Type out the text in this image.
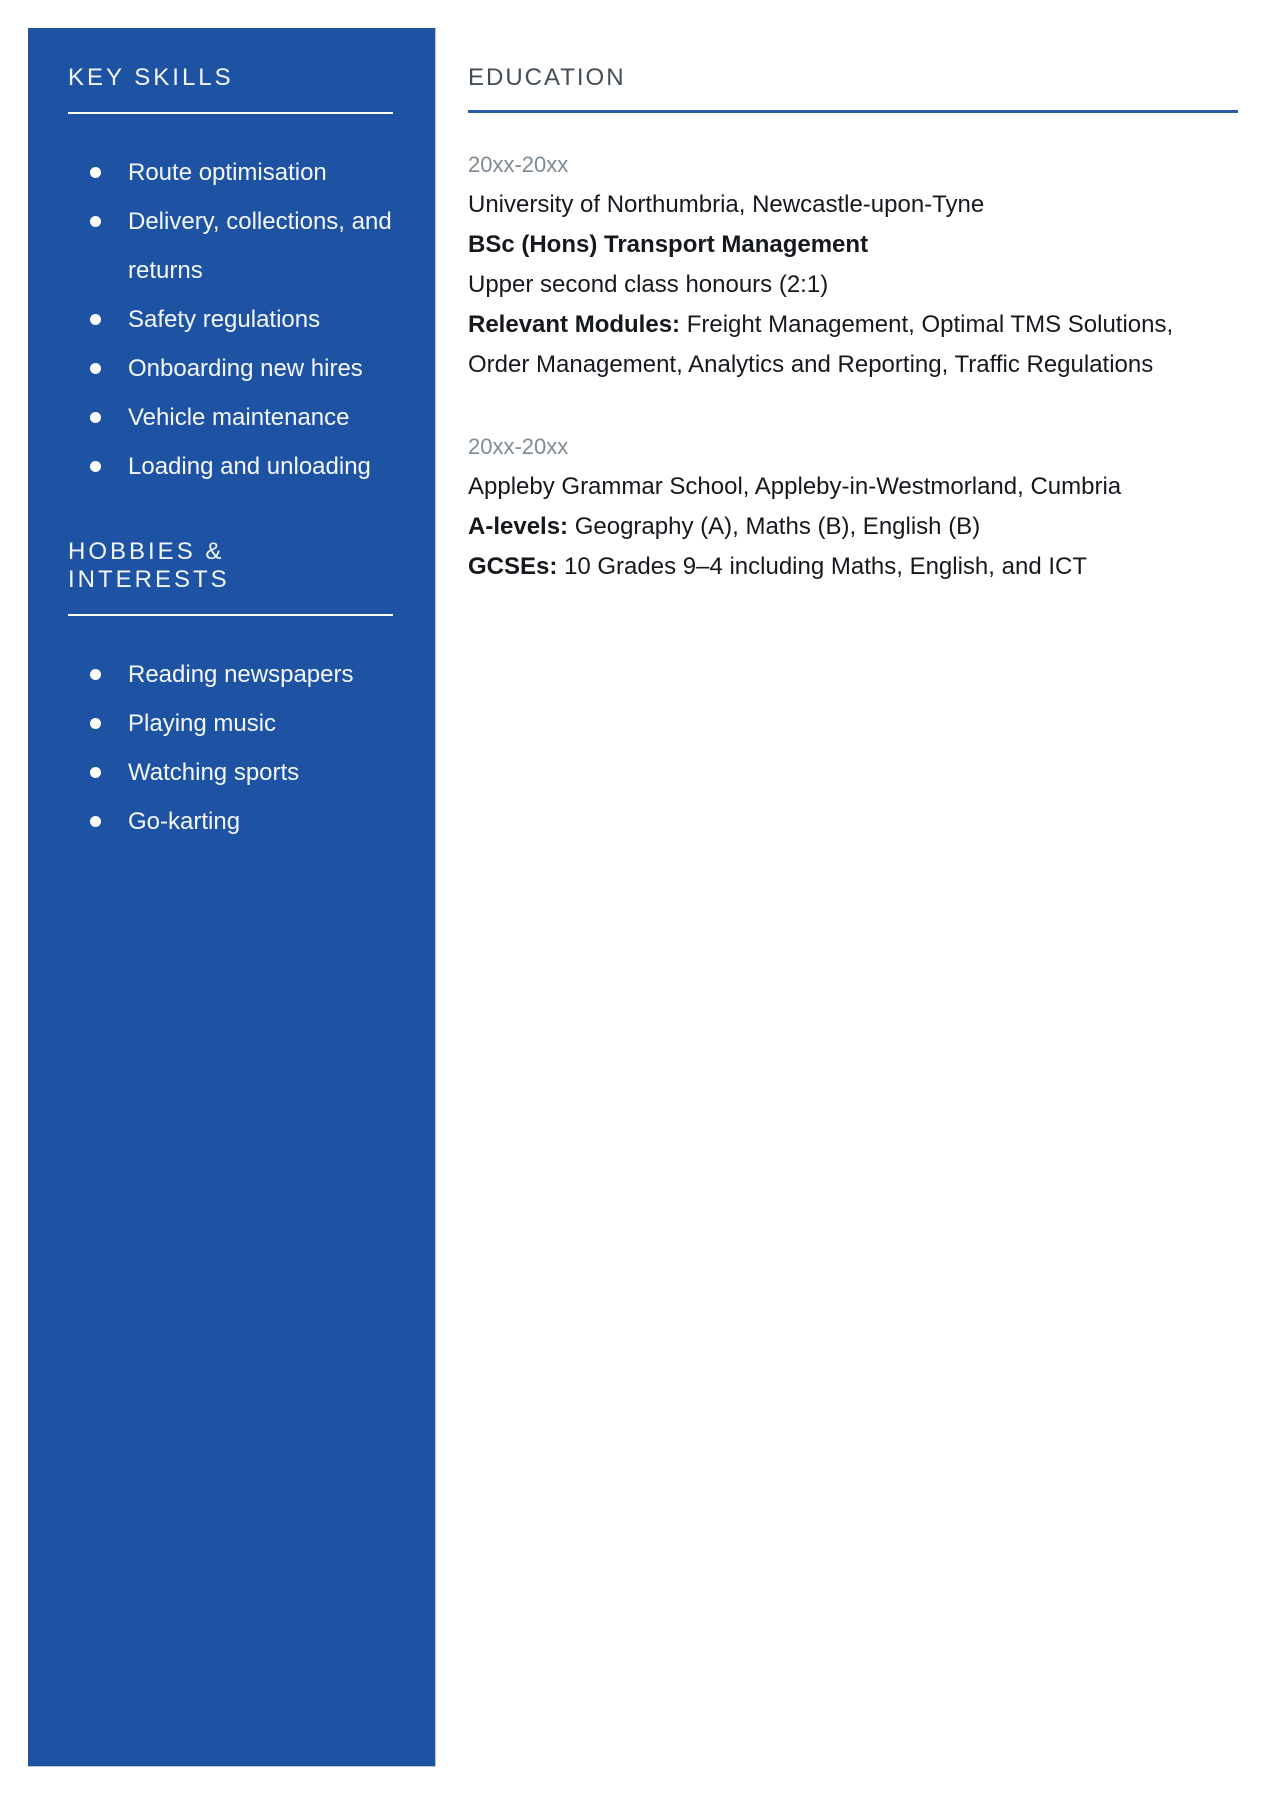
KEY SKILLS
Route optimisation
Delivery, collections, and returns
Safety regulations
Onboarding new hires
Vehicle maintenance
Loading and unloading
HOBBIES & INTERESTS
Reading newspapers
Playing music
Watching sports
Go-karting
EDUCATION
20xx-20xx
University of Northumbria, Newcastle-upon-Tyne
BSc (Hons) Transport Management
Upper second class honours (2:1)
Relevant Modules: Freight Management, Optimal TMS Solutions, Order Management, Analytics and Reporting, Traffic Regulations
20xx-20xx
Appleby Grammar School, Appleby-in-Westmorland, Cumbria
A-levels: Geography (A), Maths (B), English (B)
GCSEs: 10 Grades 9–4 including Maths, English, and ICT
